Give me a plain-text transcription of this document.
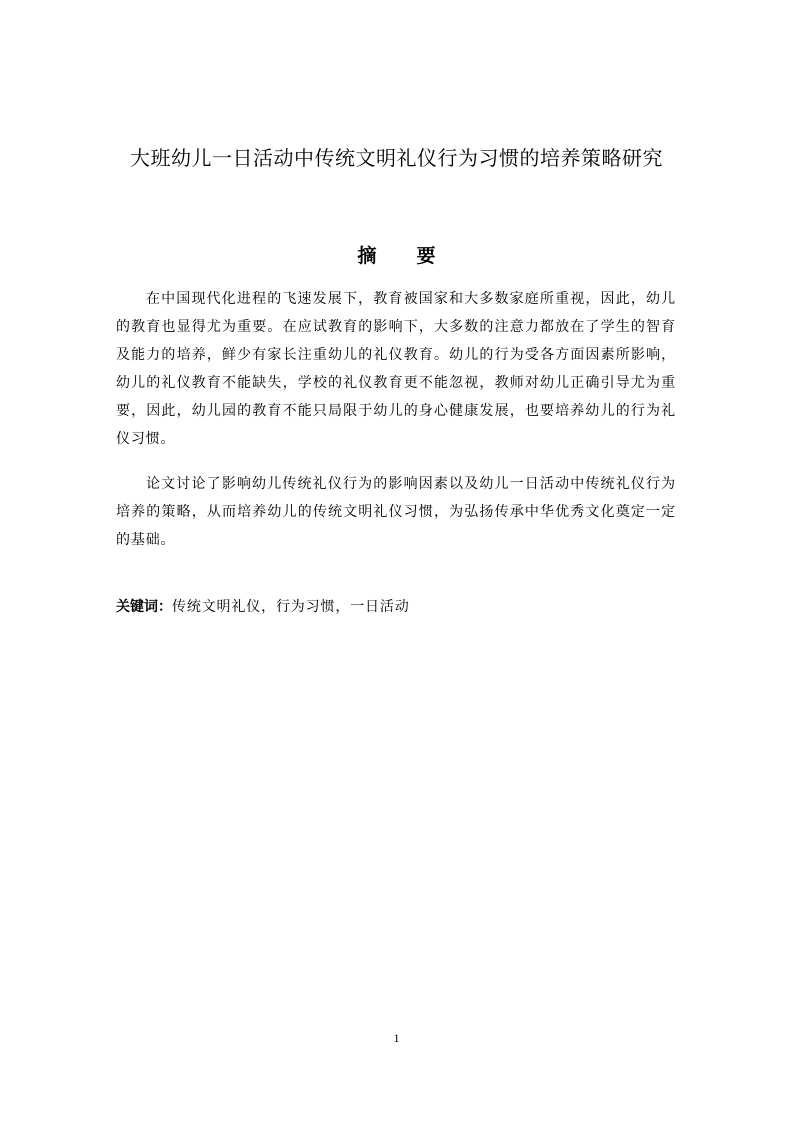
大班幼儿一日活动中传统文明礼仪行为习惯的培养策略研究
摘要

在中国现代化进程的飞速发展下，教育被国家和大多数家庭所重视，因此，幼儿的教育也显得尤为重要。在应试教育的影响下，大多数的注意力都放在了学生的智育及能力的培养，鲜少有家长注重幼儿的礼仪教育。幼儿的行为受各方面因素所影响，幼儿的礼仪教育不能缺失，学校的礼仪教育更不能忽视，教师对幼儿正确引导尤为重要，因此，幼儿园的教育不能只局限于幼儿的身心健康发展，也要培养幼儿的行为礼仪习惯。

论文讨论了影响幼儿传统礼仪行为的影响因素以及幼儿一日活动中传统礼仪行为培养的策略，从而培养幼儿的传统文明礼仪习惯，为弘扬传承中华优秀文化奠定一定的基础。

关键词：传统文明礼仪，行为习惯，一日活动
1
